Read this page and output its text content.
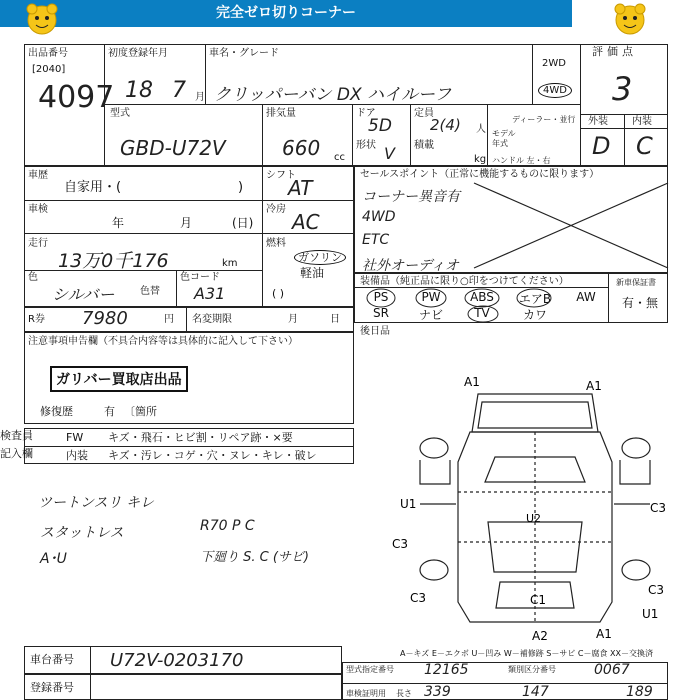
完全ゼロ切りコーナー
出品番号
[2040]
4097
初度登録年月
18 7 月
車名・グレード
クリッパーバン DX ハイルーフ
2WD
4WD
評価点
3
外装 内装
D C
型式
GBD-U72V
排気量
660 cc
ドア
5D
形状 V
定員
2(4) 人
積載
kg
ディーラー・並行
モデル
年式
ハンドル 左・右
車歴
自家用・(	)
シフト
AT
車検
年	月	(日)
冷房
AC
走行
13万0千176	km
燃料
ガソリン
軽油
( )
色
シルバー	色替
色コード
A31
セールスポイント（正常に機能するものに限ります）
コーナー異音有
4WD
ETC
社外オーディオ
装備品（純正品に限り○印をつけてください）	新車保証書
有・無
PS	PW	ABS	エアB	AW
SR	ナビ	TV	カワ
後日品
R券 7980	円 名変期限	月	日
注意事項申告欄（不具合内容等は具体的に記入して下さい）
ガリバー買取店出品
修復歴	有 〔箇所
検査員
記入欄
FW キズ・飛石・ヒビ割・リペア跡・×要
内装 キズ・汚レ・コゲ・穴・ヌレ・キレ・破レ
ツートンスリ キレ
スタットレス
A･U
R70 P C
下廻り S. C (サビ)
A1	A1
U1
C3
C3
U2
C3
C3
C1
A2	A1
U1
A－キズ E－エクボ U－凹み W－補修跡 S－サビ C－腐食 XX－交換済
車台番号 U72V-0203170
登録番号
型式指定番号 12165	類別区分番号	0067
車検証明用 長さ 339	147	189
